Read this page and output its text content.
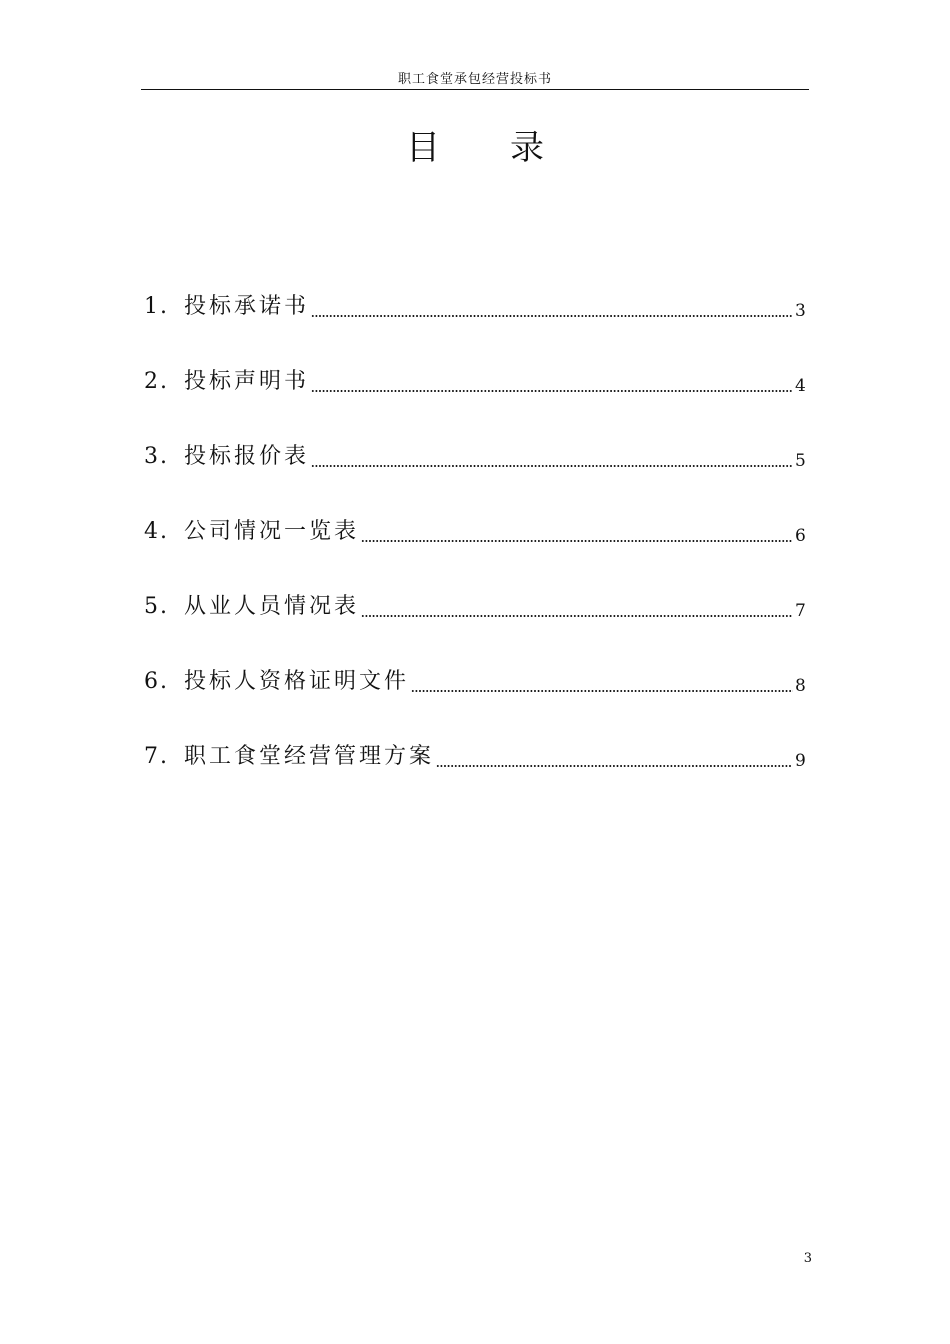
职工食堂承包经营投标书
目 录
1. 投标承诺书	3
2. 投标声明书	4
3. 投标报价表	5
4. 公司情况一览表	6
5. 从业人员情况表	7
6. 投标人资格证明文件	8
7. 职工食堂经营管理方案	9
3
